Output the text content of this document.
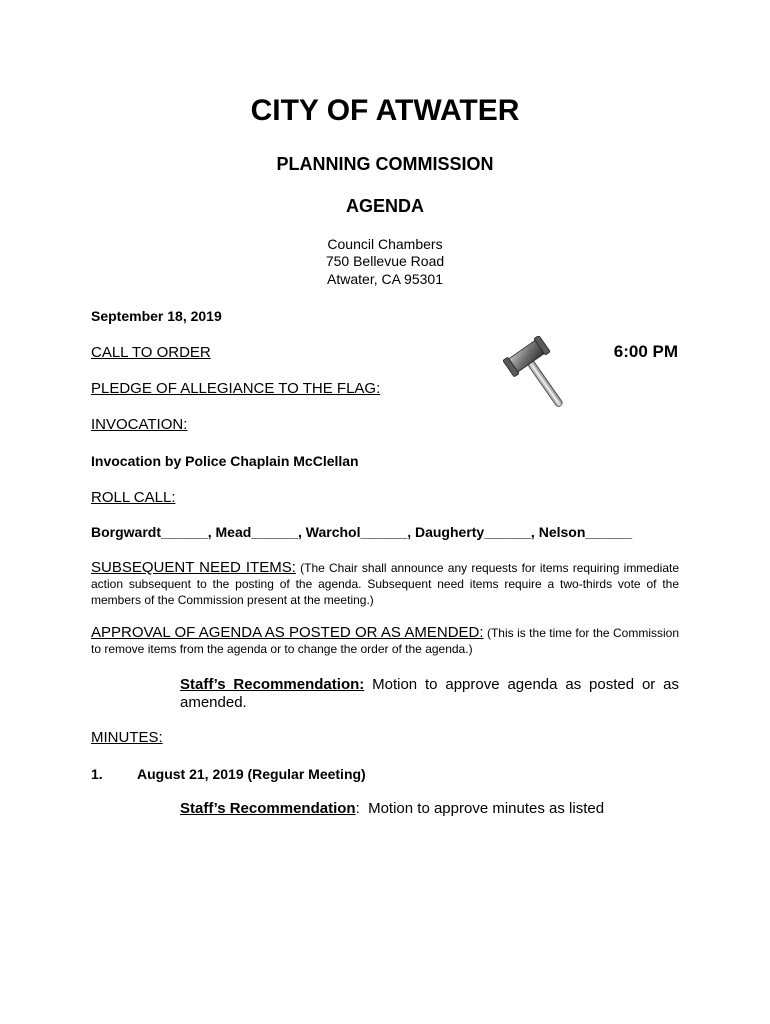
CITY OF ATWATER
PLANNING COMMISSION
AGENDA
Council Chambers
750 Bellevue Road
Atwater, CA 95301
September 18, 2019
CALL TO ORDER	6:00 PM
PLEDGE OF ALLEGIANCE TO THE FLAG:
INVOCATION:
Invocation by Police Chaplain McClellan
ROLL CALL:
Borgwardt______, Mead______, Warchol______, Daugherty______, Nelson______
SUBSEQUENT NEED ITEMS: (The Chair shall announce any requests for items requiring immediate action subsequent to the posting of the agenda. Subsequent need items require a two-thirds vote of the members of the Commission present at the meeting.)
APPROVAL OF AGENDA AS POSTED OR AS AMENDED: (This is the time for the Commission to remove items from the agenda or to change the order of the agenda.)
Staff’s Recommendation: Motion to approve agenda as posted or as amended.
MINUTES:
1. August 21, 2019 (Regular Meeting)
Staff’s Recommendation:  Motion to approve minutes as listed
